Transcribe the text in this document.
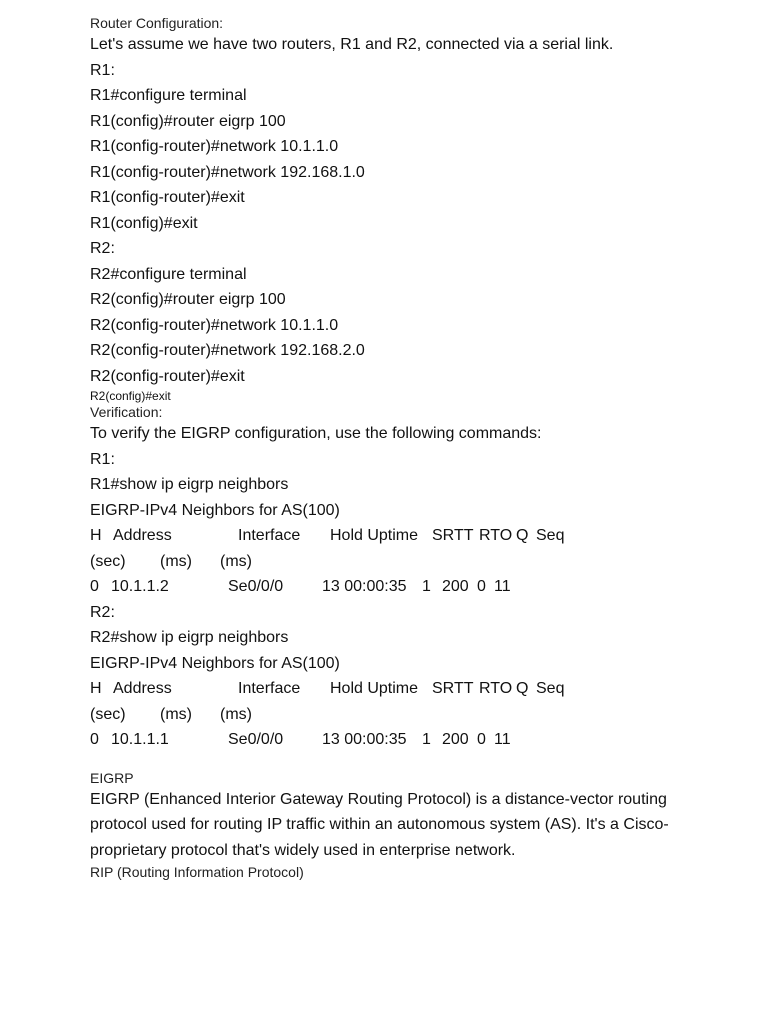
Router Configuration:
Let's assume we have two routers, R1 and R2, connected via a serial link.
R1:
R1#configure terminal
R1(config)#router eigrp 100
R1(config-router)#network 10.1.1.0
R1(config-router)#network 192.168.1.0
R1(config-router)#exit
R1(config)#exit
R2:
R2#configure terminal
R2(config)#router eigrp 100
R2(config-router)#network 10.1.1.0
R2(config-router)#network 192.168.2.0
R2(config-router)#exit
R2(config)#exit
Verification:
To verify the EIGRP configuration, use the following commands:
R1:
R1#show ip eigrp neighbors
EIGRP-IPv4 Neighbors for AS(100)
H Address	Interface Hold Uptime SRTT RTO Q Seq
(sec) (ms) (ms)
0 10.1.1.2	Se0/0/0 13 00:00:35 1 200 0 11
R2:
R2#show ip eigrp neighbors
EIGRP-IPv4 Neighbors for AS(100)
H Address	Interface Hold Uptime SRTT RTO Q Seq
(sec) (ms) (ms)
0 10.1.1.1	Se0/0/0 13 00:00:35 1 200 0 11
EIGRP
EIGRP (Enhanced Interior Gateway Routing Protocol) is a distance-vector routing protocol used for routing IP traffic within an autonomous system (AS). It's a Cisco-proprietary protocol that's widely used in enterprise network.
RIP (Routing Information Protocol)
